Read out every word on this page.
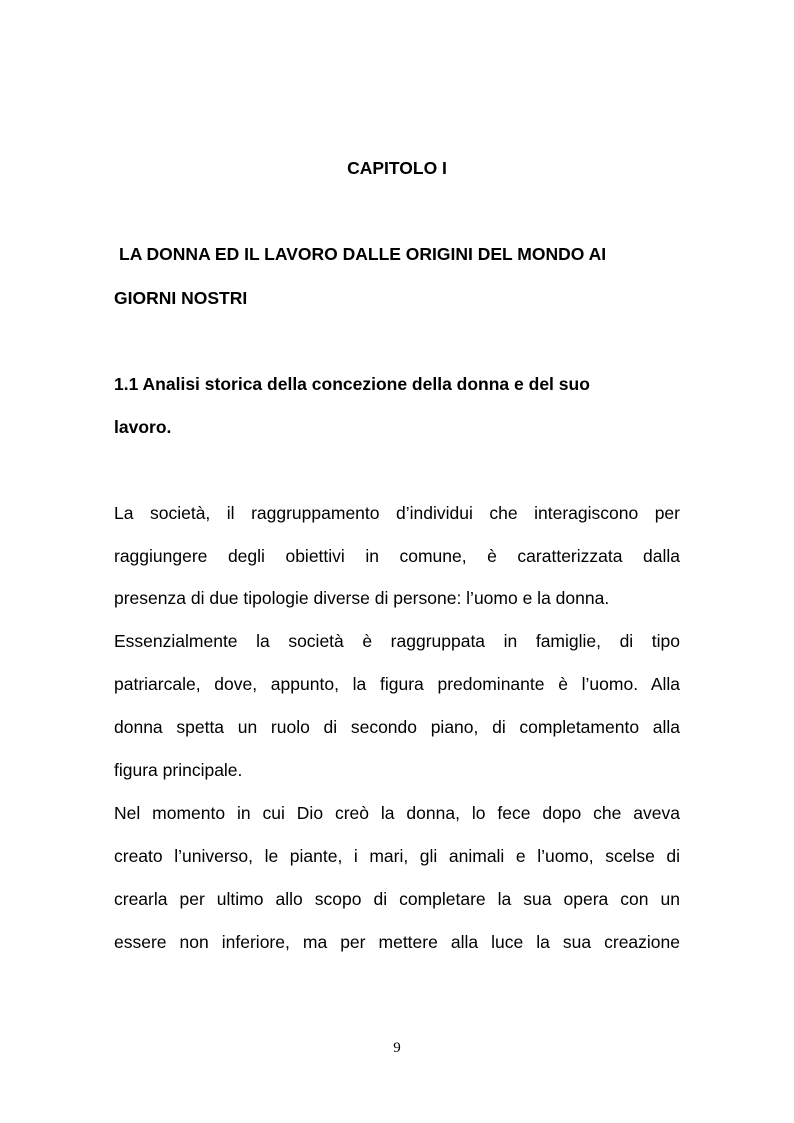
CAPITOLO I

LA DONNA ED IL LAVORO DALLE ORIGINI DEL MONDO AI

GIORNI NOSTRI

1.1 Analisi storica della concezione della donna e del suo

lavoro.

La società, il raggruppamento d’individui che interagiscono per

raggiungere degli obiettivi in comune, è caratterizzata dalla

presenza di due tipologie diverse di persone: l’uomo e la donna.

Essenzialmente la società è raggruppata in famiglie, di tipo

patriarcale, dove, appunto, la figura predominante è l’uomo. Alla

donna spetta un ruolo di secondo piano, di completamento alla

figura principale.

Nel momento in cui Dio creò la donna, lo fece dopo che aveva

creato l’universo, le piante, i mari, gli animali e l’uomo, scelse di

crearla per ultimo allo scopo di completare la sua opera con un

essere non inferiore, ma per mettere alla luce la sua creazione

9
